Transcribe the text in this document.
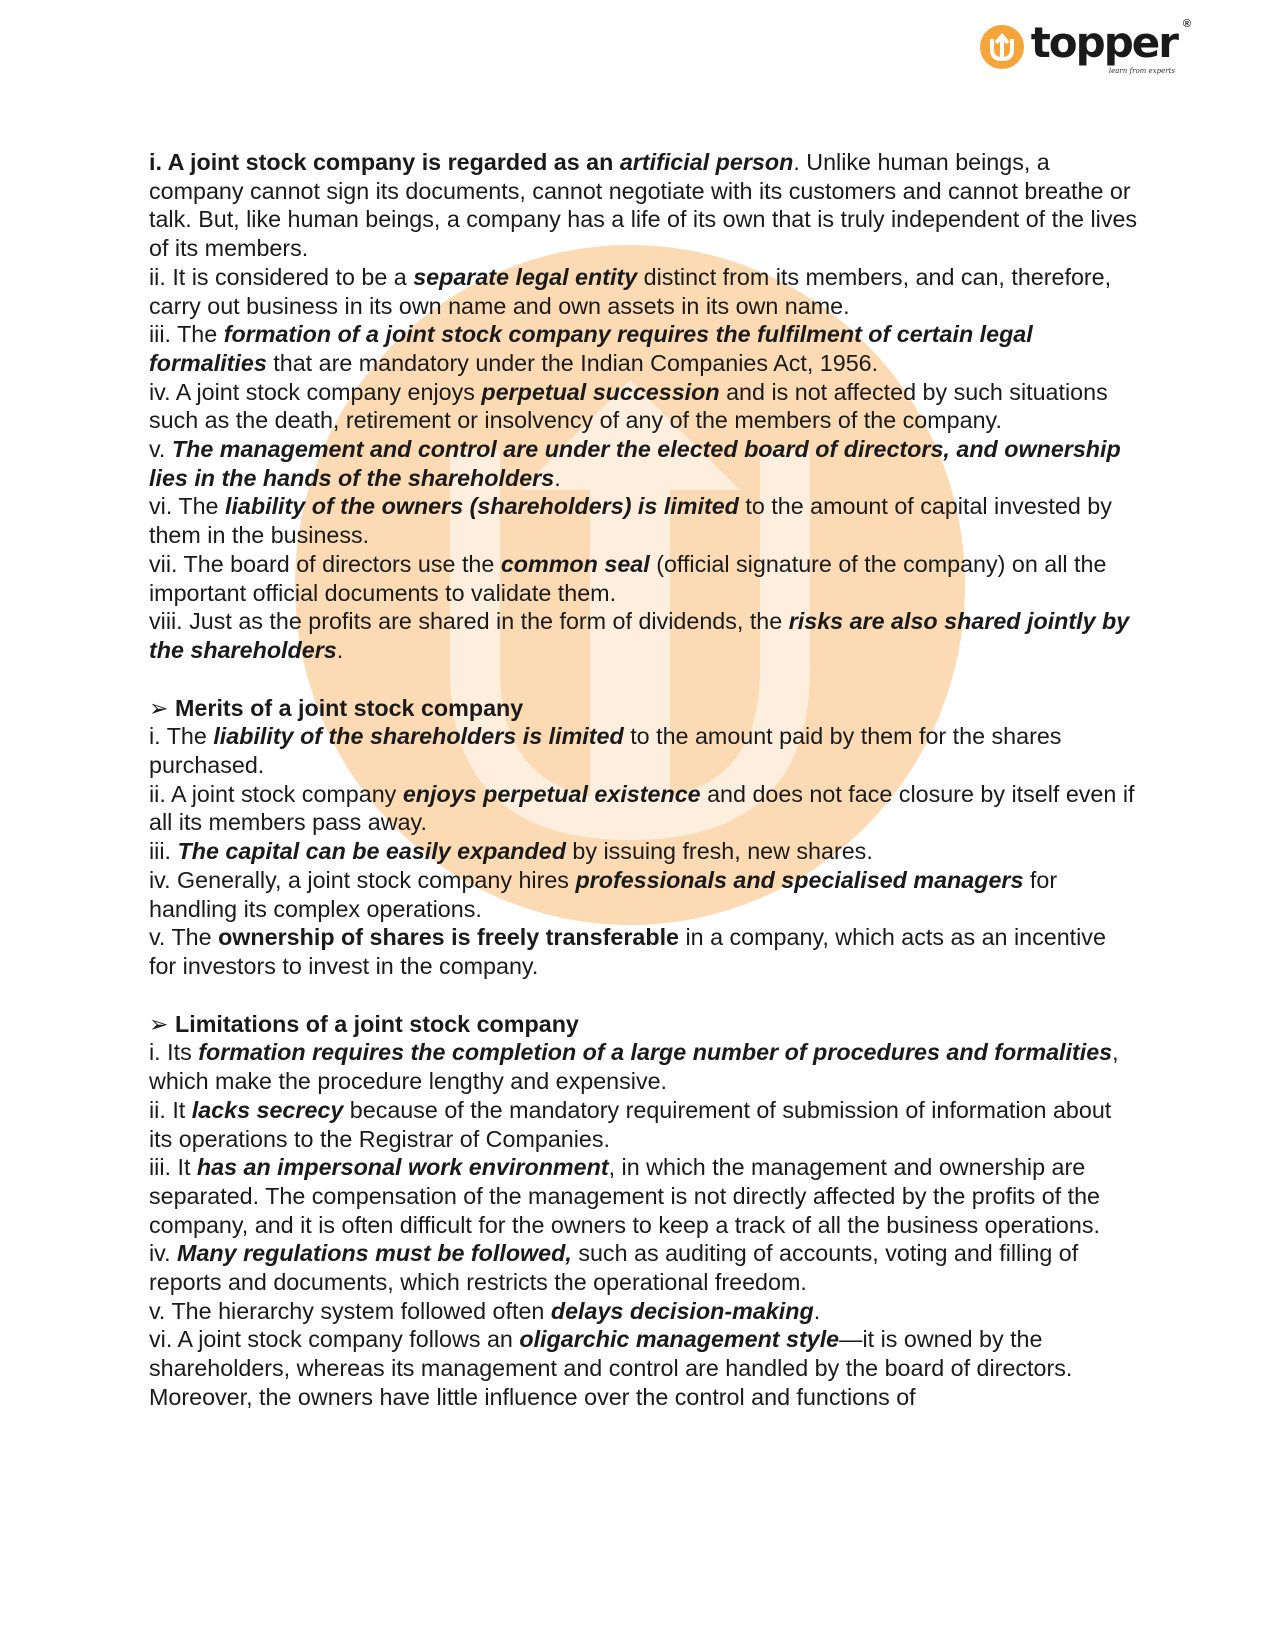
topper ®
learn from experts

i. A joint stock company is regarded as an artificial person. Unlike human beings, a company cannot sign its documents, cannot negotiate with its customers and cannot breathe or talk. But, like human beings, a company has a life of its own that is truly independent of the lives of its members.

ii. It is considered to be a separate legal entity distinct from its members, and can, therefore, carry out business in its own name and own assets in its own name.

iii. The formation of a joint stock company requires the fulfilment of certain legal formalities that are mandatory under the Indian Companies Act, 1956.

iv. A joint stock company enjoys perpetual succession and is not affected by such situations such as the death, retirement or insolvency of any of the members of the company.

v. The management and control are under the elected board of directors, and ownership lies in the hands of the shareholders.

vi. The liability of the owners (shareholders) is limited to the amount of capital invested by them in the business.

vii. The board of directors use the common seal (official signature of the company) on all the important official documents to validate them.

viii. Just as the profits are shared in the form of dividends, the risks are also shared jointly by the shareholders.

➢ Merits of a joint stock company

i. The liability of the shareholders is limited to the amount paid by them for the shares purchased.

ii. A joint stock company enjoys perpetual existence and does not face closure by itself even if all its members pass away.

iii. The capital can be easily expanded by issuing fresh, new shares.

iv. Generally, a joint stock company hires professionals and specialised managers for handling its complex operations.

v. The ownership of shares is freely transferable in a company, which acts as an incentive for investors to invest in the company.

➢ Limitations of a joint stock company

i. Its formation requires the completion of a large number of procedures and formalities, which make the procedure lengthy and expensive.

ii. It lacks secrecy because of the mandatory requirement of submission of information about its operations to the Registrar of Companies.

iii. It has an impersonal work environment, in which the management and ownership are separated. The compensation of the management is not directly affected by the profits of the company, and it is often difficult for the owners to keep a track of all the business operations.

iv. Many regulations must be followed, such as auditing of accounts, voting and filling of reports and documents, which restricts the operational freedom.

v. The hierarchy system followed often delays decision-making.

vi. A joint stock company follows an oligarchic management style—it is owned by the shareholders, whereas its management and control are handled by the board of directors. Moreover, the owners have little influence over the control and functions of
